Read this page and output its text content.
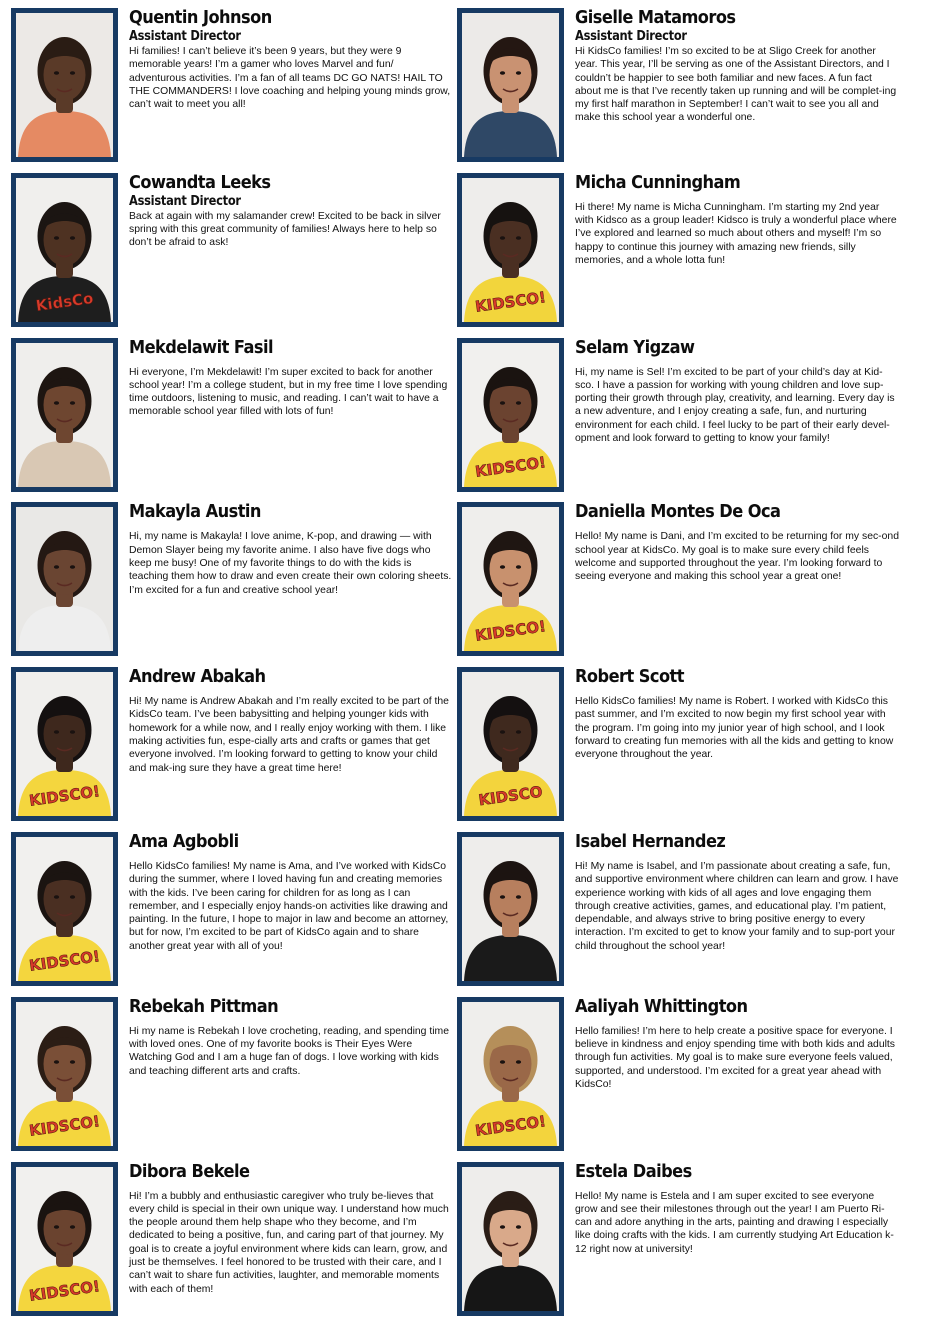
Quentin Johnson
Assistant Director

Hi families! I can’t believe it’s been 9 years, but they were 9 memorable years! I’m a gamer who loves Marvel and fun/ adventurous activities. I’m a fan of all teams DC GO NATS! HAIL TO THE COMMANDERS! I love coaching and helping young minds grow, can’t wait to meet you all!

Giselle Matamoros
Assistant Director

Hi KidsCo families! I’m so excited to be at Sligo Creek for another year. This year, I’ll be serving as one of the Assistant Directors, and I couldn’t be happier to see both familiar and new faces. A fun fact about me is that I’ve recently taken up running and will be complet-ing my first half marathon in September! I can’t wait to see you all and make this school year a wonderful one.

KidsCo
Cowandta Leeks
Assistant Director

Back at again with my salamander crew! Excited to be back in silver spring with this great community of families! Always here to help so don’t be afraid to ask!

KIDSCO!
Micha Cunningham

Hi there! My name is Micha Cunningham. I’m starting my 2nd year with Kidsco as a group leader! Kidsco is truly a wonderful place where I’ve explored and learned so much about others and myself! I’m so happy to continue this journey with amazing new friends, silly memories, and a whole lotta fun!

Mekdelawit Fasil

Hi everyone, I’m Mekdelawit! I’m super excited to back for another school year! I’m a college student, but in my free time I love spending time outdoors, listening to music, and reading. I can’t wait to have a memorable school year filled with lots of fun!

KIDSCO!
Selam Yigzaw

Hi, my name is Sel! I’m excited to be part of your child’s day at Kid-sco. I have a passion for working with young children and love sup-porting their growth through play, creativity, and learning. Every day is a new adventure, and I enjoy creating a safe, fun, and nurturing environment for each child. I feel lucky to be part of their early devel-opment and look forward to getting to know your family!

Makayla Austin

Hi, my name is Makayla! I love anime, K-pop, and drawing — with Demon Slayer being my favorite anime. I also have five dogs who keep me busy! One of my favorite things to do with the kids is teaching them how to draw and even create their own coloring sheets. I’m excited for a fun and creative school year!

KIDSCO!
Daniella Montes De Oca

Hello! My name is Dani, and I’m excited to be returning for my sec-ond school year at KidsCo. My goal is to make sure every child feels welcome and supported throughout the year. I’m looking forward to seeing everyone and making this school year a great one!

KIDSCO!
Andrew Abakah

Hi! My name is Andrew Abakah and I’m really excited to be part of the KidsCo team. I’ve been babysitting and helping younger kids with homework for a while now, and I really enjoy working with them. I like making activities fun, espe-cially arts and crafts or games that get everyone involved. I’m looking forward to getting to know your child and mak-ing sure they have a great time here!

KIDSCO
Robert Scott

Hello KidsCo families! My name is Robert. I worked with KidsCo this past summer, and I’m excited to now begin my first school year with the program. I’m going into my junior year of high school, and I look forward to creating fun memories with all the kids and getting to know everyone throughout the year.

KIDSCO!
Ama Agbobli

Hello KidsCo families! My name is Ama, and I’ve worked with KidsCo during the summer, where I loved having fun and creating memories with the kids. I’ve been caring for children for as long as I can remember, and I especially enjoy hands-on activities like drawing and painting. In the future, I hope to major in law and become an attorney, but for now, I’m excited to be part of KidsCo again and to share another great year with all of you!

Isabel Hernandez

Hi! My name is Isabel, and I’m passionate about creating a safe, fun, and supportive environment where children can learn and grow. I have experience working with kids of all ages and love engaging them through creative activities, games, and educational play. I’m patient, dependable, and always strive to bring positive energy to every interaction. I’m excited to get to know your family and to sup-port your child throughout the school year!

KIDSCO!
Rebekah Pittman

Hi my name is Rebekah I love crocheting, reading, and spending time with loved ones. One of my favorite books is Their Eyes Were Watching God and I am a huge fan of dogs. I love working with kids and teaching different arts and crafts.

KIDSCO!
Aaliyah Whittington

Hello families! I’m here to help create a positive space for everyone. I believe in kindness and enjoy spending time with both kids and adults through fun activities. My goal is to make sure everyone feels valued, supported, and understood. I’m excited for a great year ahead with KidsCo!

KIDSCO!
Dibora Bekele

Hi! I’m a bubbly and enthusiastic caregiver who truly be-lieves that every child is special in their own unique way. I understand how much the people around them help shape who they become, and I’m dedicated to being a positive, fun, and caring part of that journey. My goal is to create a joyful environment where kids can learn, grow, and just be themselves. I feel honored to be trusted with their care, and I can’t wait to share fun activities, laughter, and memorable moments with each of them!

Estela Daibes

Hello! My name is Estela and I am super excited to see everyone grow and see their milestones through out the year! I am Puerto Ri-can and adore anything in the arts, painting and drawing I especially like doing crafts with the kids. I am currently studying Art Education k-12 right now at university!
